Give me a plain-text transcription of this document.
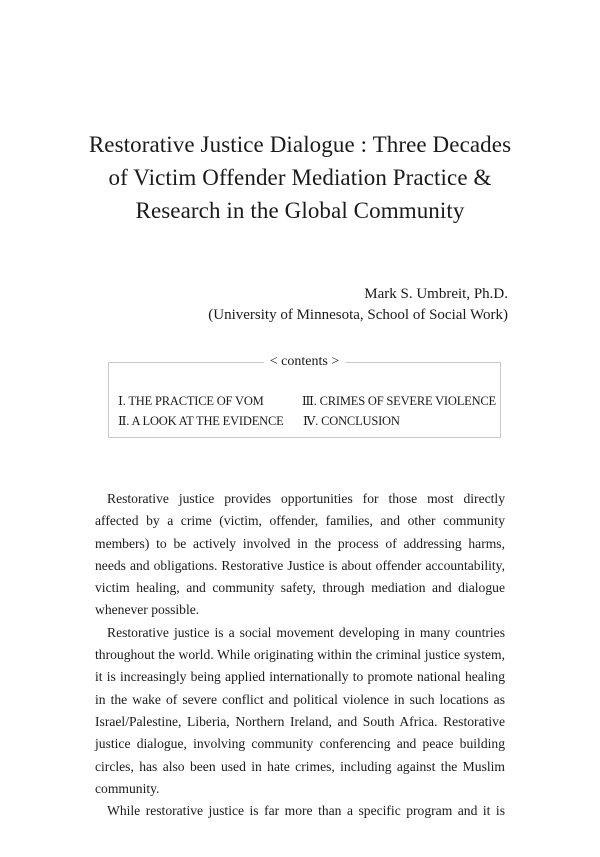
Restorative Justice Dialogue : Three Decades
of Victim Offender Mediation Practice &
Research in the Global Community
Mark S. Umbreit, Ph.D.
(University of Minnesota, School of Social Work)
< contents >
Ⅰ. THE PRACTICE OF VOM	Ⅲ. CRIMES OF SEVERE VIOLENCE
Ⅱ. A LOOK AT THE EVIDENCE	Ⅳ. CONCLUSION

Restorative justice provides opportunities for those most directly affected by a crime (victim, offender, families, and other community members) to be actively involved in the process of addressing harms, needs and obligations. Restorative Justice is about offender accountability, victim healing, and community safety, through mediation and dialogue whenever possible.

Restorative justice is a social movement developing in many countries throughout the world. While originating within the criminal justice system, it is increasingly being applied internationally to promote national healing in the wake of severe conflict and political violence in such locations as Israel/Palestine, Liberia, Northern Ireland, and South Africa. Restorative justice dialogue, involving community conferencing and peace building circles, has also been used in hate crimes, including against the Muslim community.

While restorative justice is far more than a specific program and it is
